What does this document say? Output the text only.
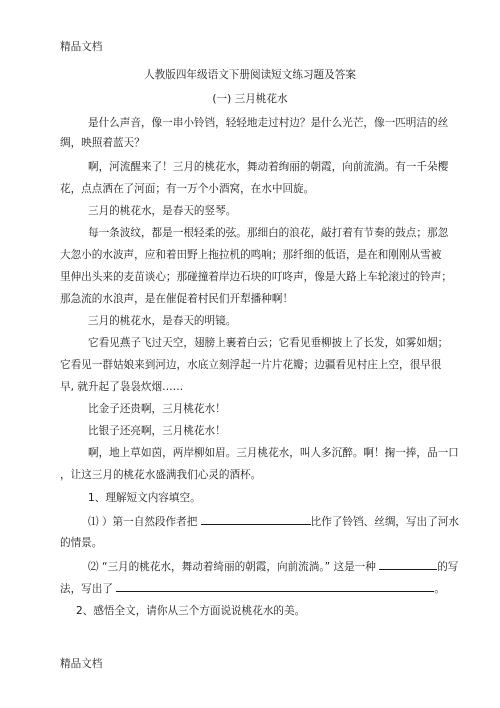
精品文档
人教版四年级语文下册阅读短文练习题及答案
(一) 三月桃花水
是什么声音，像一串小铃铛，轻轻地走过村边？是什么光芒，像一匹明洁的丝
绸，映照着蓝天？
啊，河流醒来了！三月的桃花水，舞动着绚丽的朝霞，向前流淌。有一千朵樱
花，点点洒在了河面；有一万个小酒窝，在水中回旋。
三月的桃花水，是春天的竖琴。
每一条波纹，都是一根轻柔的弦。那细白的浪花，敲打着有节奏的鼓点；那忽
大忽小的水波声，应和着田野上拖拉机的鸣响；那纤细的低语，是在和刚刚从雪被
里伸出头来的麦苗谈心；那碰撞着岸边石块的叮咚声，像是大路上车轮滚过的铃声；
那急流的水浪声，是在催促着村民们开犁播种啊！
三月的桃花水，是春天的明镜。
它看见燕子飞过天空，翅膀上裹着白云；它看见垂柳披上了长发，如雾如烟；
它看见一群姑娘来到河边，水底立刻浮起一片片花瓣；边疆看见村庄上空，很早很
早, 就升起了袅袅炊烟……
比金子还贵啊，三月桃花水！
比银子还亮啊，三月桃花水！
啊，地上草如茵，两岸柳如眉。三月桃花水，叫人多沉醉。啊！掬一捧，品一口
，让这三月的桃花水盛满我们心灵的酒杯。
1、理解短文内容填空。
⑴ ）第一自然段作者把	比作了铃铛、丝绸，写出了河水
的情景。
⑵ “三月的桃花水，舞动着绮丽的朝霞，向前流淌。” 这是一种	的写
法，写出了	。
2、感悟全文，请你从三个方面说说桃花水的美。
精品文档
